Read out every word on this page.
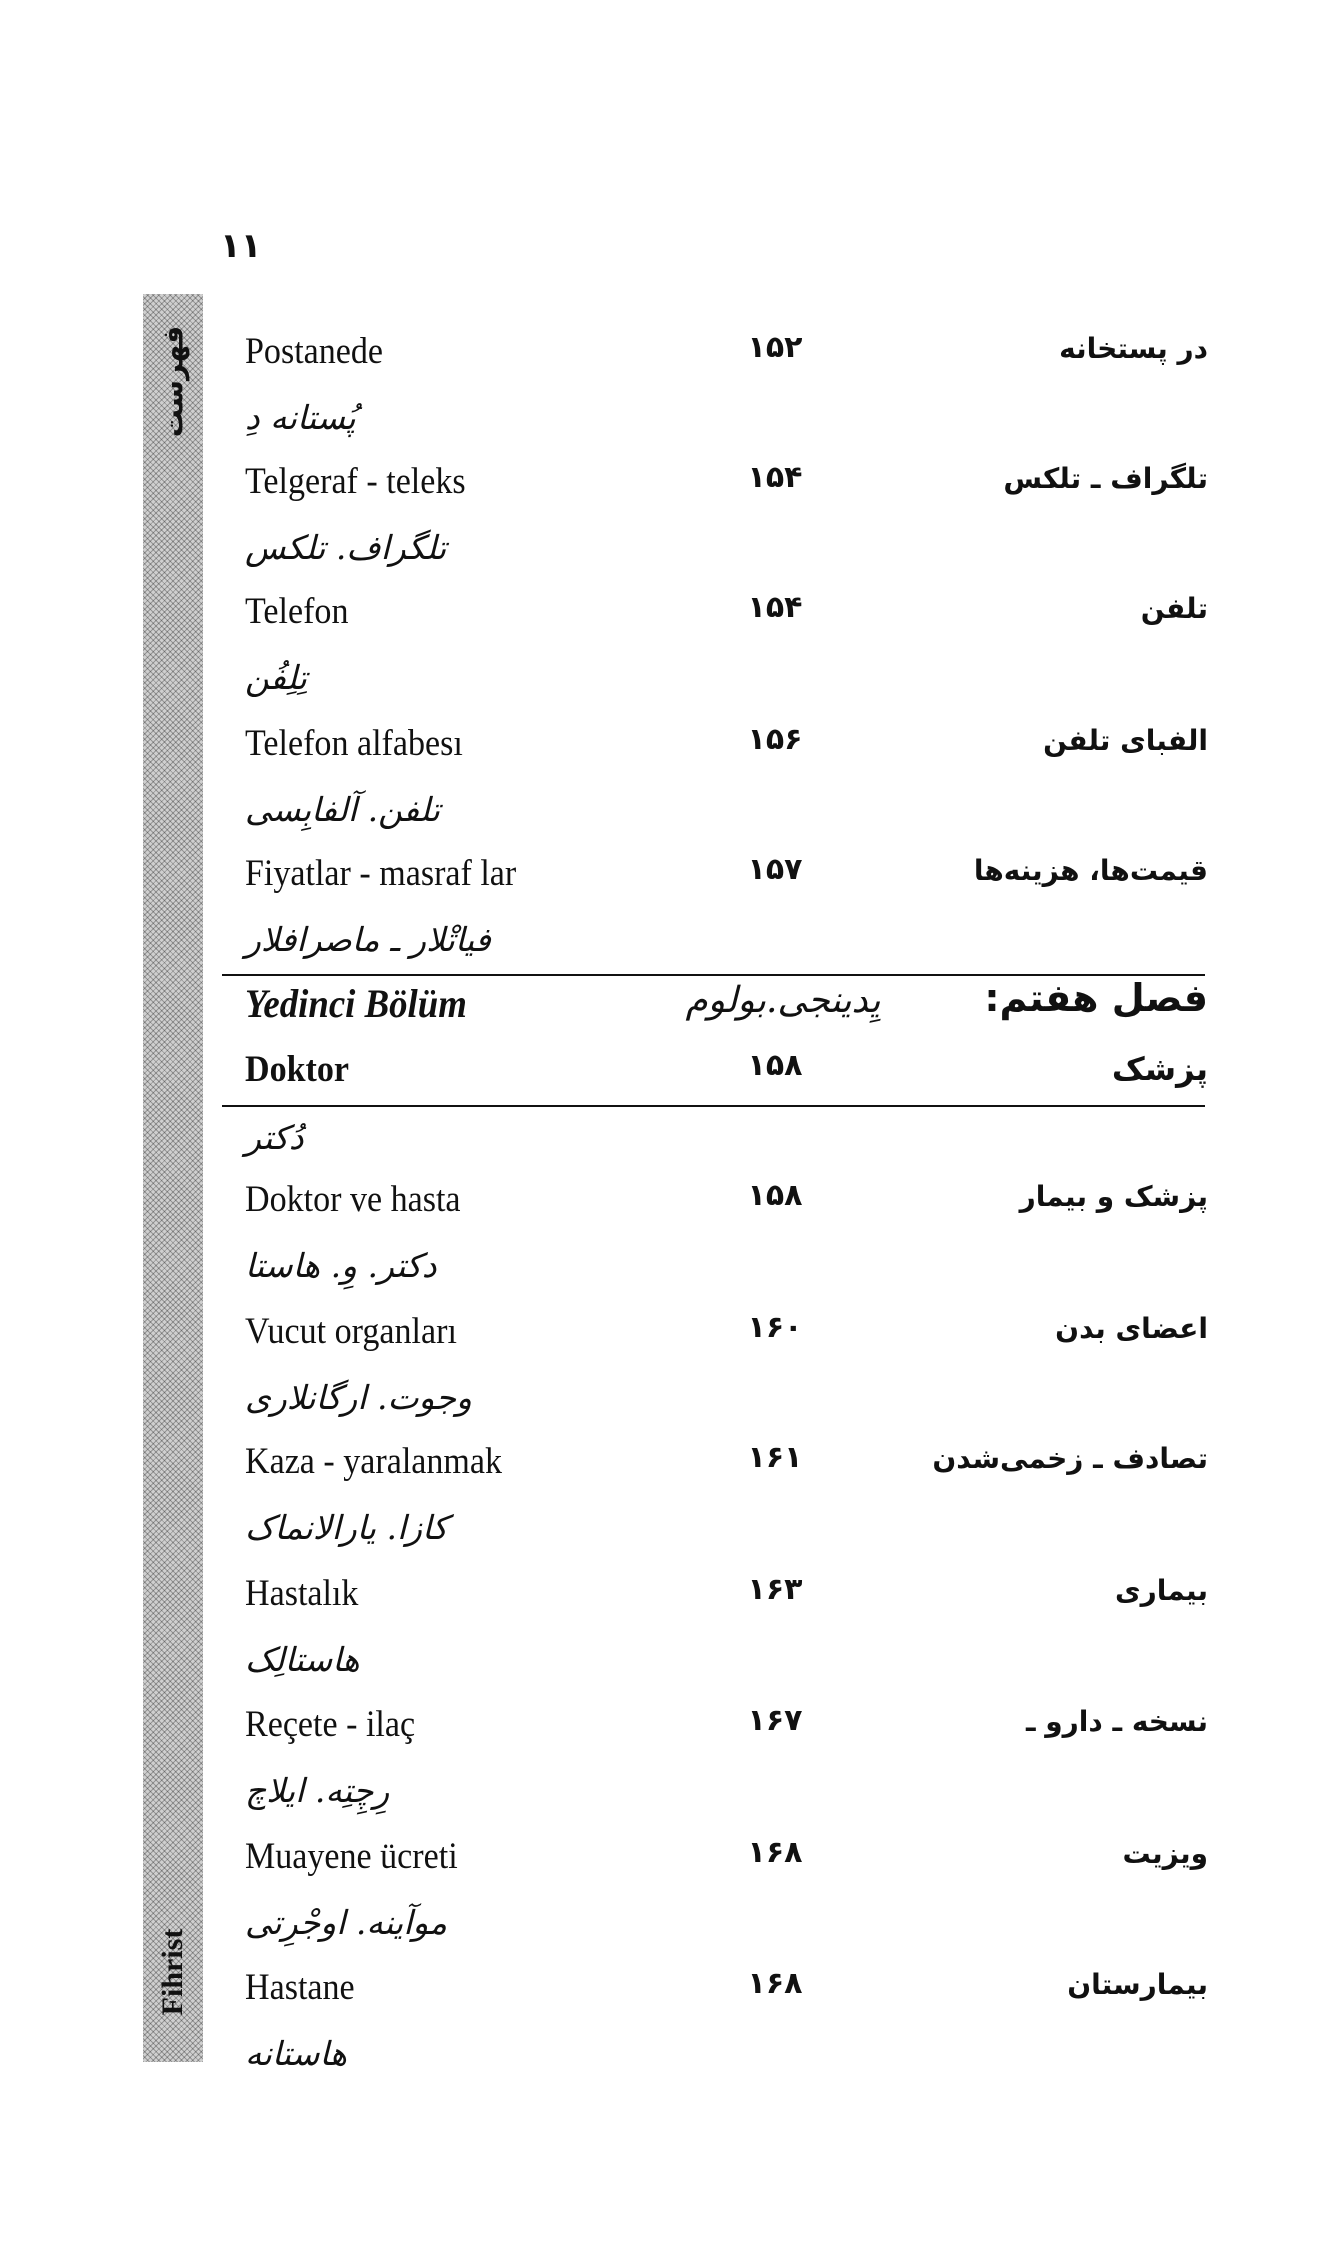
۱۱
فهرست
Fihrist
Postanede	۱۵۲	در پستخانه
پُستانه دِ
Telgeraf - teleks	۱۵۴	تلگراف ـ تلکس
تلگراف. تلکس
Telefon	۱۵۴	تلفن
تِلِفُن
Telefon alfabesı	۱۵۶	الفبای تلفن
تلفن. آلفابِسی
Fiyatlar - masraf lar	۱۵۷	قیمت‌ها، هزینه‌ها
فیاتْلار ـ ماصرافلار
Yedinci Bölüm	یِدینجی.بولوم	فصل هفتم:
Doktor	۱۵۸	پزشک
دُکتر
Doktor ve hasta	۱۵۸	پزشک و بیمار
دکتر. وِ. هاستا
Vucut organları	۱۶۰	اعضای بدن
وجوت. ارگانلاری
Kaza - yaralanmak	۱۶۱	تصادف ـ زخمی‌شدن
کازا. یارالانماک
Hastalık	۱۶۳	بیماری
هاستالِک
Reçete - ilaç	۱۶۷	نسخه ـ دارو ـ
رِچِتِه. ایلاچ
Muayene ücreti	۱۶۸	ویزیت
موآینه. اوجْرِتی
Hastane	۱۶۸	بیمارستان
هاستانه
